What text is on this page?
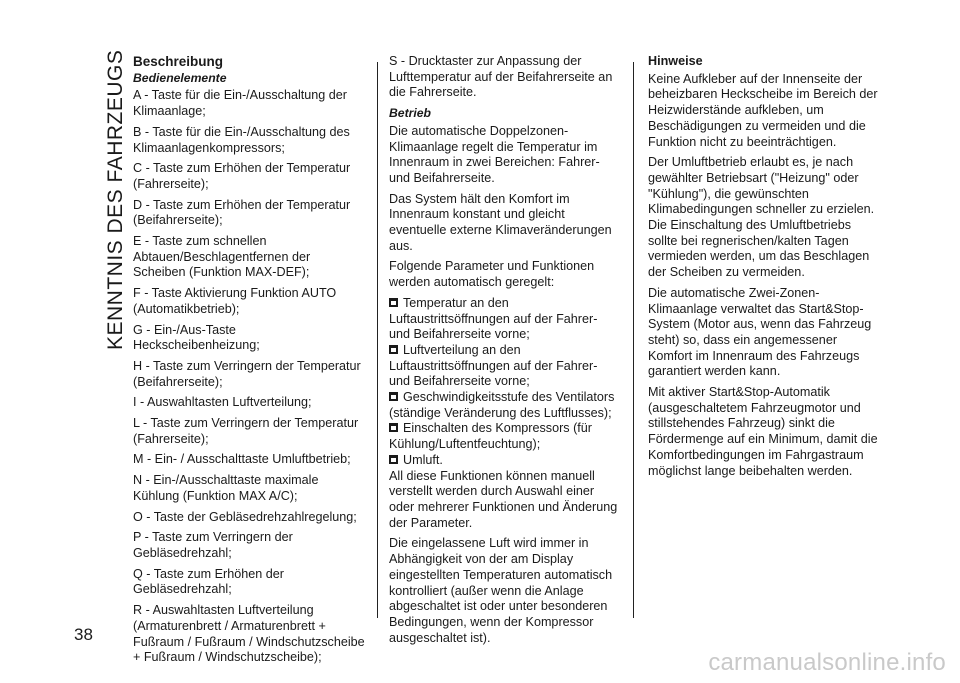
KENNTNIS DES FAHRZEUGS
38
Beschreibung
Bedienelemente
A - Taste für die Ein-/Ausschaltung der Klimaanlage;
B - Taste für die Ein-/Ausschaltung des Klimaanlagenkompressors;
C - Taste zum Erhöhen der Temperatur (Fahrerseite);
D - Taste zum Erhöhen der Temperatur (Beifahrerseite);
E - Taste zum schnellen Abtauen/Beschlagentfernen der Scheiben (Funktion MAX-DEF);
F - Taste Aktivierung Funktion AUTO (Automatikbetrieb);
G - Ein-/Aus-Taste Heckscheibenheizung;
H - Taste zum Verringern der Temperatur (Beifahrerseite);
I - Auswahltasten Luftverteilung;
L - Taste zum Verringern der Temperatur (Fahrerseite);
M - Ein- / Ausschalttaste Umluftbetrieb;
N - Ein-/Ausschalttaste maximale Kühlung (Funktion MAX A/C);
O - Taste der Gebläsedrehzahlregelung;
P - Taste zum Verringern der Gebläsedrehzahl;
Q - Taste zum Erhöhen der Gebläsedrehzahl;
R - Auswahltasten Luftverteilung (Armaturenbrett / Armaturenbrett + Fußraum / Fußraum / Windschutzscheibe + Fußraum / Windschutzscheibe);
S - Drucktaster zur Anpassung der Lufttemperatur auf der Beifahrerseite an die Fahrerseite.
Betrieb
Die automatische Doppelzonen-Klimaanlage regelt die Temperatur im Innenraum in zwei Bereichen: Fahrer- und Beifahrerseite.
Das System hält den Komfort im Innenraum konstant und gleicht eventuelle externe Klimaveränderungen aus.
Folgende Parameter und Funktionen werden automatisch geregelt:
Temperatur an den Luftaustrittsöffnungen auf der Fahrer- und Beifahrerseite vorne;
Luftverteilung an den Luftaustrittsöffnungen auf der Fahrer- und Beifahrerseite vorne;
Geschwindigkeitsstufe des Ventilators (ständige Veränderung des Luftflusses);
Einschalten des Kompressors (für Kühlung/Luftentfeuchtung);
Umluft.
All diese Funktionen können manuell verstellt werden durch Auswahl einer oder mehrerer Funktionen und Änderung der Parameter.
Die eingelassene Luft wird immer in Abhängigkeit von der am Display eingestellten Temperaturen automatisch kontrolliert (außer wenn die Anlage abgeschaltet ist oder unter besonderen Bedingungen, wenn der Kompressor ausgeschaltet ist).
Hinweise
Keine Aufkleber auf der Innenseite der beheizbaren Heckscheibe im Bereich der Heizwiderstände aufkleben, um Beschädigungen zu vermeiden und die Funktion nicht zu beeinträchtigen.
Der Umluftbetrieb erlaubt es, je nach gewählter Betriebsart ("Heizung" oder "Kühlung"), die gewünschten Klimabedingungen schneller zu erzielen. Die Einschaltung des Umluftbetriebs sollte bei regnerischen/kalten Tagen vermieden werden, um das Beschlagen der Scheiben zu vermeiden.
Die automatische Zwei-Zonen-Klimaanlage verwaltet das Start&Stop-System (Motor aus, wenn das Fahrzeug steht) so, dass ein angemessener Komfort im Innenraum des Fahrzeugs garantiert werden kann.
Mit aktiver Start&Stop-Automatik (ausgeschaltetem Fahrzeugmotor und stillstehendes Fahrzeug) sinkt die Fördermenge auf ein Minimum, damit die Komfortbedingungen im Fahrgastraum möglichst lange beibehalten werden.
carmanualsonline.info
